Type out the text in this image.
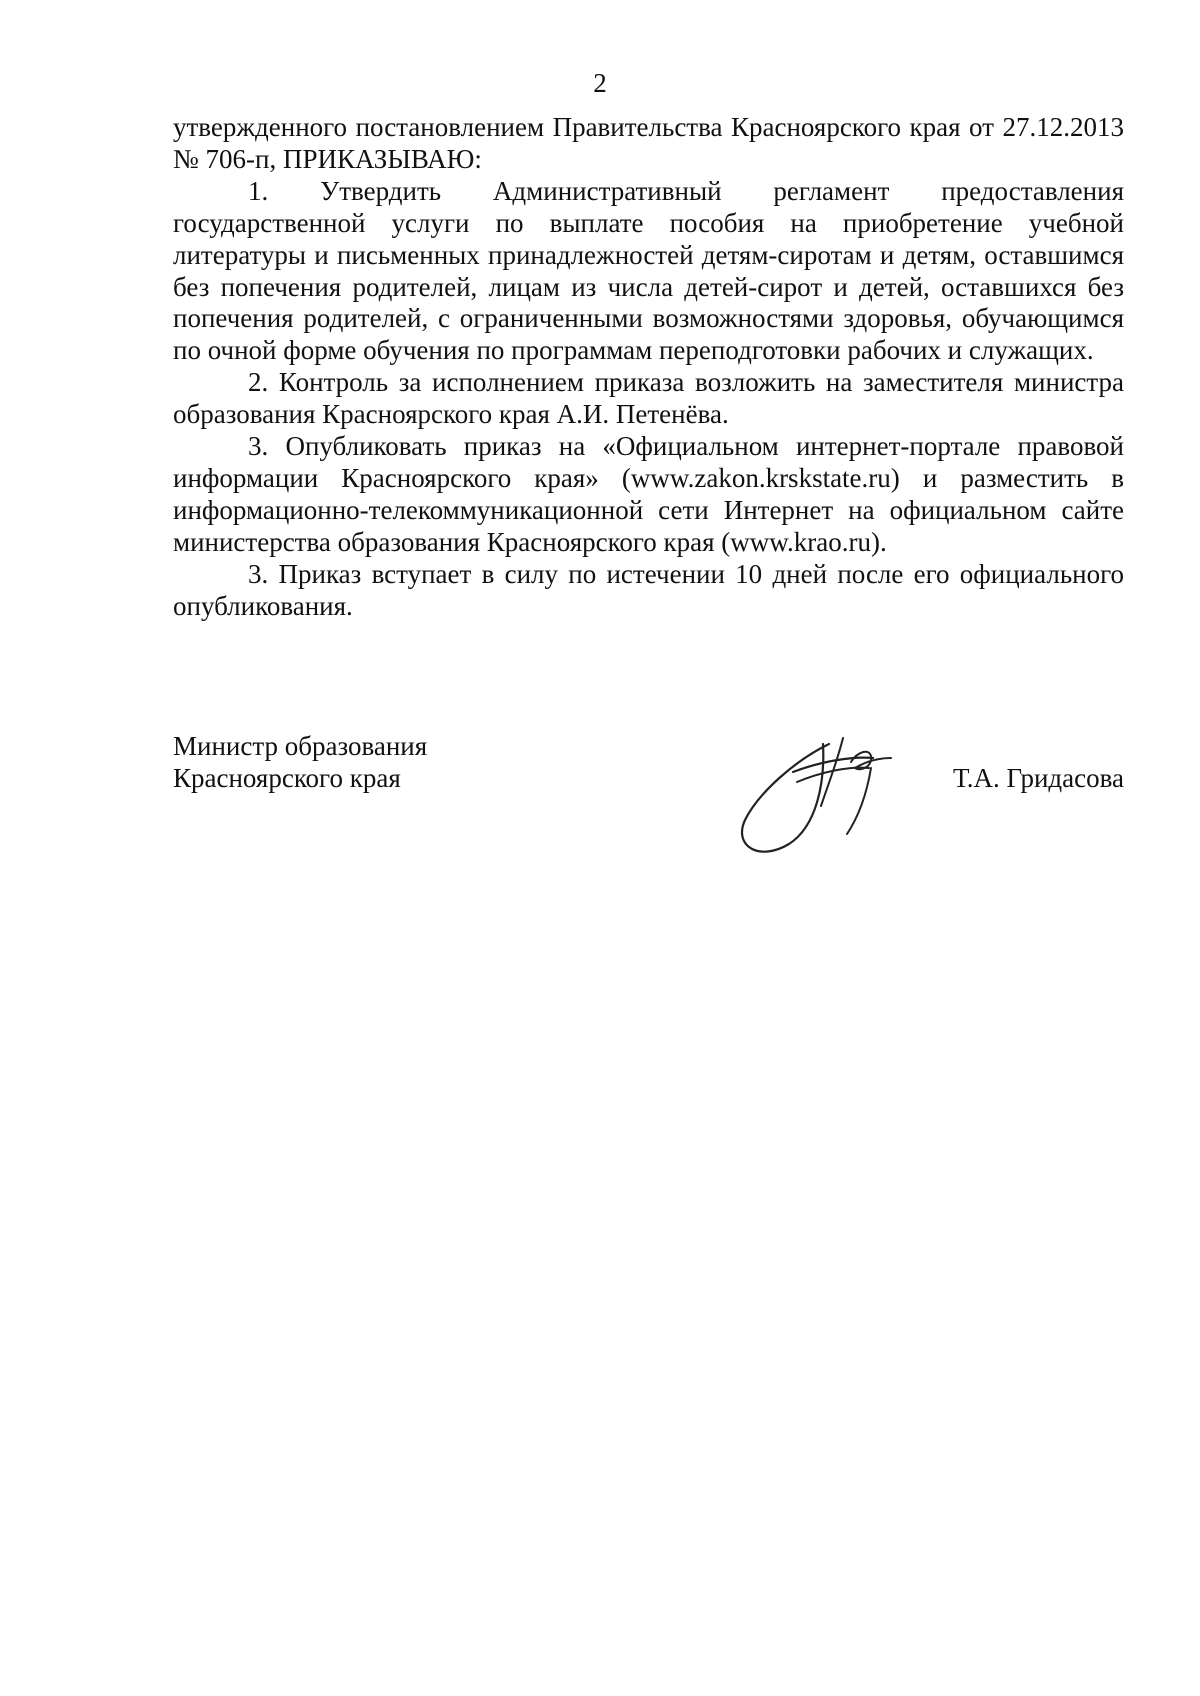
2

утвержденного постановлением Правительства Красноярского края от 27.12.2013 № 706-п, ПРИКАЗЫВАЮ:

1. Утвердить Административный регламент предоставления государственной услуги по выплате пособия на приобретение учебной литературы и письменных принадлежностей детям-сиротам и детям, оставшимся без попечения родителей, лицам из числа детей-сирот и детей, оставшихся без попечения родителей, с ограниченными возможностями здоровья, обучающимся по очной форме обучения по программам переподготовки рабочих и служащих.

2. Контроль за исполнением приказа возложить на заместителя министра образования Красноярского края А.И. Петенёва.

3. Опубликовать приказ на «Официальном интернет-портале правовой информации Красноярского края» (www.zakon.krskstate.ru) и разместить в информационно-телекоммуникационной сети Интернет на официальном сайте министерства образования Красноярского края (www.krao.ru).

3. Приказ вступает в силу по истечении 10 дней после его официального опубликования.

Министр образования
Красноярского края	Т.А. Гридасова
